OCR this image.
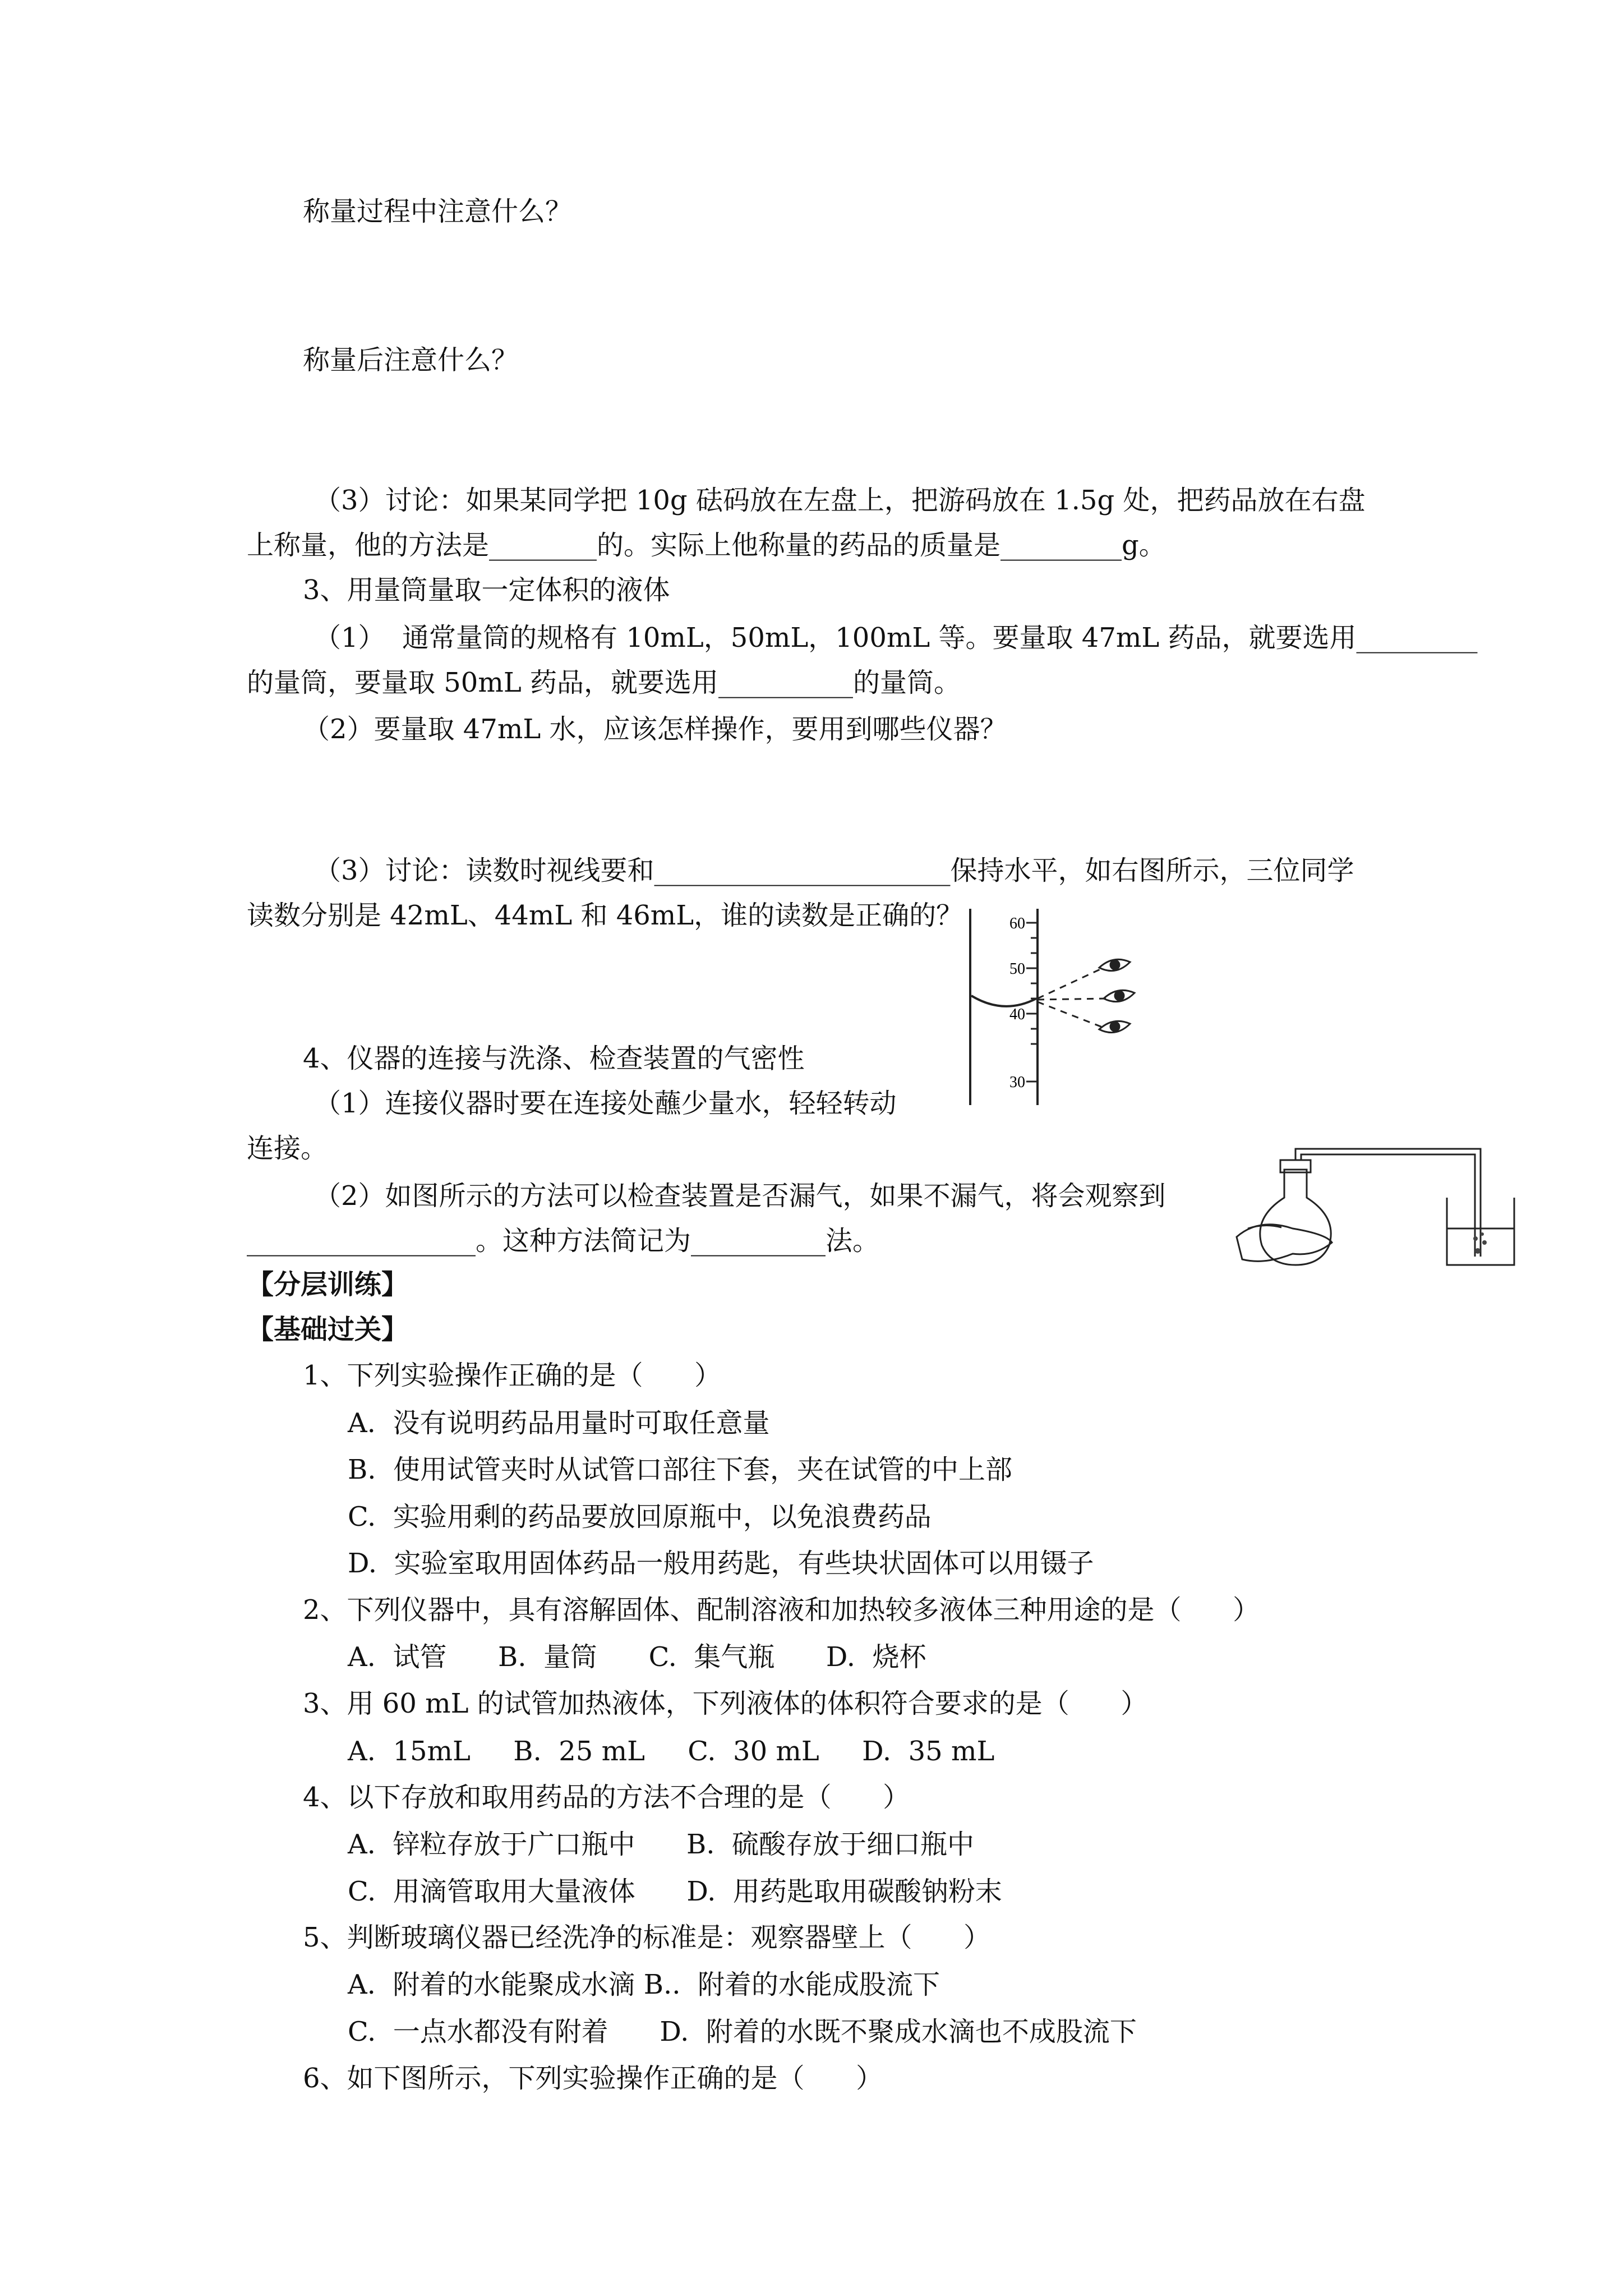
称量过程中注意什么？
称量后注意什么？
（3）讨论：如果某同学把 10g 砝码放在左盘上，把游码放在 1.5g 处，把药品放在右盘
上称量，他的方法是________的。实际上他称量的药品的质量是_________g。
3、用量筒量取一定体积的液体
（1）  通常量筒的规格有 10mL，50mL，100mL 等。要量取 47mL 药品，就要选用_________
的量筒，要量取 50mL 药品，就要选用__________的量筒。
（2）要量取 47mL 水，应该怎样操作，要用到哪些仪器？
（3）讨论：读数时视线要和______________________保持水平，如右图所示，三位同学
读数分别是 42mL、44mL 和 46mL，谁的读数是正确的？	60
50
40
30
4、仪器的连接与洗涤、检查装置的气密性
（1）连接仪器时要在连接处蘸少量水，轻轻转动
连接。
（2）如图所示的方法可以检查装置是否漏气，如果不漏气，将会观察到
_________________。这种方法简记为__________法。
【分层训练】
【基础过关】
1、下列实验操作正确的是（      ）
A.  没有说明药品用量时可取任意量
B.  使用试管夹时从试管口部往下套，夹在试管的中上部
C.  实验用剩的药品要放回原瓶中，以免浪费药品
D.  实验室取用固体药品一般用药匙，有些块状固体可以用镊子
2、下列仪器中，具有溶解固体、配制溶液和加热较多液体三种用途的是（      ）
A.  试管      B.  量筒      C.  集气瓶      D.  烧杯
3、用 60 mL 的试管加热液体，下列液体的体积符合要求的是（      ）
A.  15mL     B.  25 mL     C.  30 mL     D.  35 mL
4、以下存放和取用药品的方法不合理的是（      ）
A.  锌粒存放于广口瓶中      B.  硫酸存放于细口瓶中
C.  用滴管取用大量液体      D.  用药匙取用碳酸钠粉末
5、判断玻璃仪器已经洗净的标准是：观察器壁上（      ）
A.  附着的水能聚成水滴 B..  附着的水能成股流下
C.  一点水都没有附着      D.  附着的水既不聚成水滴也不成股流下
6、如下图所示，下列实验操作正确的是（      ）
